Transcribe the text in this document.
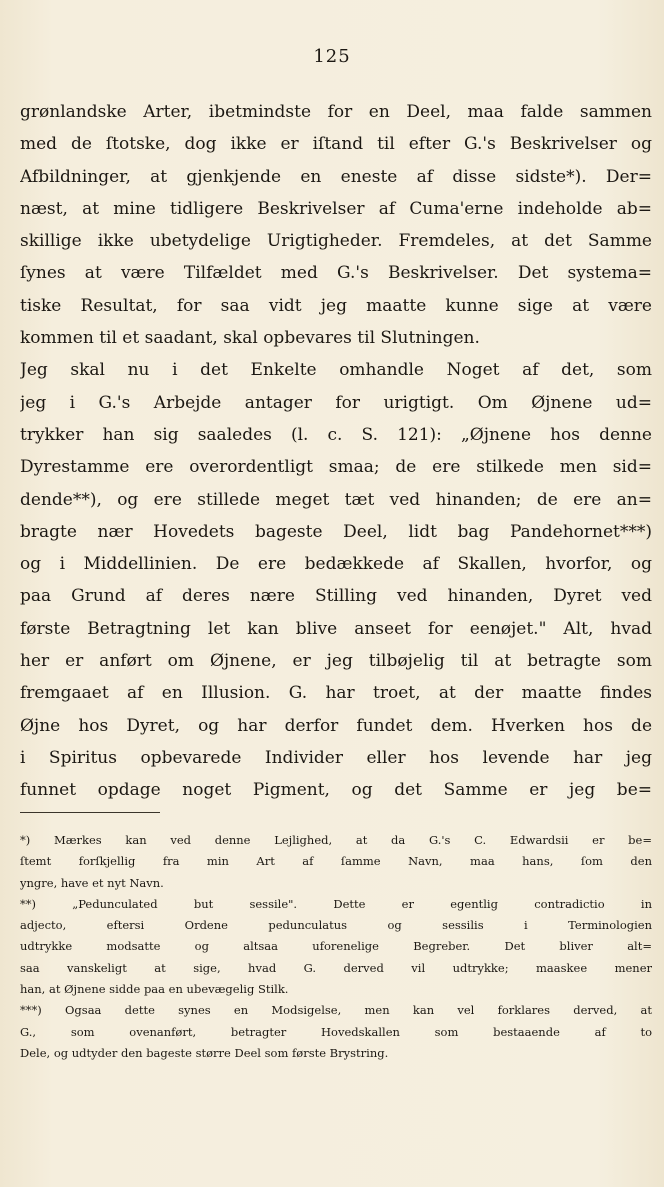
125
grønlandske Arter, ibetmindste for en Deel, maa falde sammen
med de ſtotske, dog ikke er iſtand til efter G.'s Beskrivelser og
Afbildninger, at gjenkjende en eneste af disse sidste*). Der=
næst, at mine tidligere Beskrivelser af Cuma'erne indeholde ab=
skillige ikke ubetydelige Urigtigheder. Fremdeles, at det Samme
ſynes at være Tilfældet med G.'s Beskrivelser. Det systema=
tiske Resultat, for saa vidt jeg maatte kunne sige at være
kommen til et saadant, skal opbevares til Slutningen.
Jeg skal nu i det Enkelte omhandle Noget af det, som
jeg i G.'s Arbejde antager for urigtigt. Om Øjnene ud=
trykker han sig saaledes (l. c. S. 121): „Øjnene hos denne
Dyrestamme ere overordentligt smaa; de ere stilkede men sid=
dende**), og ere stillede meget tæt ved hinanden; de ere an=
bragte nær Hovedets bageste Deel, lidt bag Pandehornet***)
og i Middellinien. De ere bedækkede af Skallen, hvorfor, og
paa Grund af deres nære Stilling ved hinanden, Dyret ved
første Betragtning let kan blive anseet for eenøjet." Alt, hvad
her er anført om Øjnene, er jeg tilbøjelig til at betragte som
fremgaaet af en Illusion. G. har troet, at der maatte findes
Øjne hos Dyret, og har derfor fundet dem. Hverken hos de
i Spiritus opbevarede Individer eller hos levende har jeg
funnet opdage noget Pigment, og det Samme er jeg be=
*) Mærkes kan ved denne Lejlighed, at da G.'s C. Edwardsii er be=
ſtemt forſkjellig fra min Art af ſamme Navn, maa hans, ſom den
yngre, have et nyt Navn.
**) „Pedunculated but sessile". Dette er egentlig contradictio in
adjecto, eftersi Ordene pedunculatus og sessilis i Terminologien
udtrykke modsatte og altsaa uforenelige Begreber. Det bliver alt=
saa vanskeligt at sige, hvad G. derved vil udtrykke; maaskee mener
han, at Øjnene sidde paa en ubevægelig Stilk.
***) Ogsaa dette synes en Modsigelse, men kan vel forklares derved, at
G., som ovenanført, betragter Hovedskallen som bestaaende af to
Dele, og udtyder den bageste større Deel som første Brystring.
